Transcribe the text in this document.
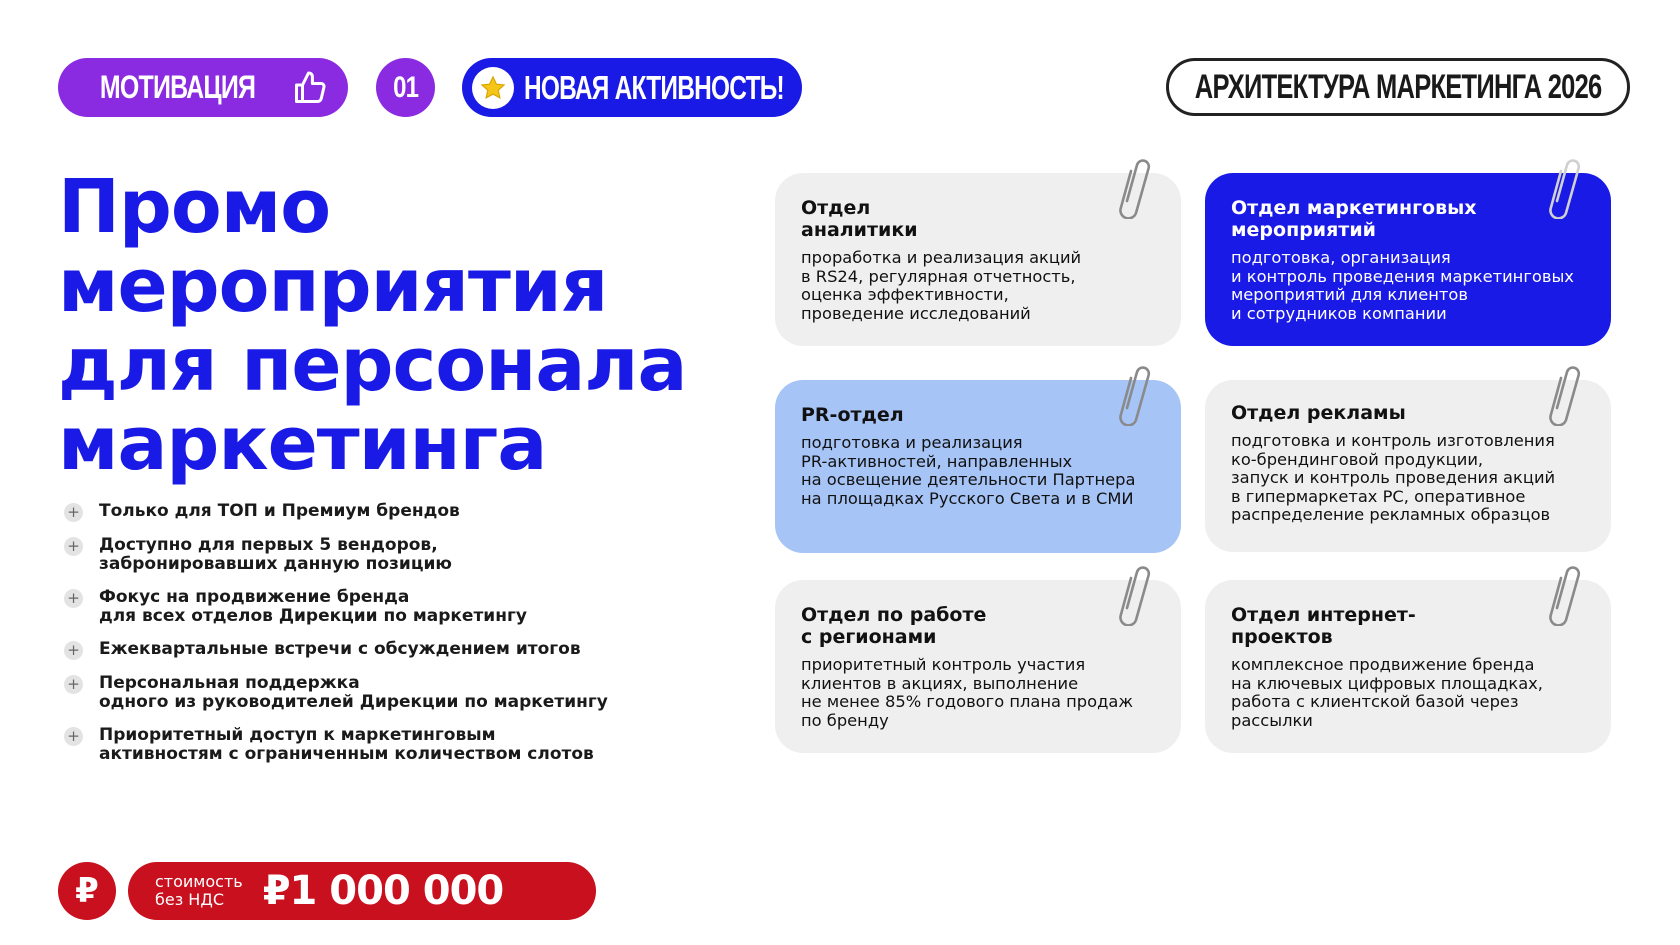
МОТИВАЦИЯ	01	НОВАЯ АКТИВНОСТЬ!	АРХИТЕКТУРА МАРКЕТИНГА 2026
Промо
мероприятия
для персонала
маркетинга
+ Только для ТОП и Премиум брендов
+ Доступно для первых 5 вендоров,
забронировавших данную позицию
+ Фокус на продвижение бренда
для всех отделов Дирекции по маркетингу
+ Ежеквартальные встречи с обсуждением итогов
+ Персональная поддержка
одного из руководителей Дирекции по маркетингу
+ Приоритетный доступ к маркетинговым
активностям с ограниченным количеством слотов
₽	стоимость
без НДС ₽1 000 000
Отдел
аналитики
проработка и реализация акций
в RS24, регулярная отчетность,
оценка эффективности,
проведение исследований
Отдел маркетинговых
мероприятий
подготовка, организация
и контроль проведения маркетинговых
мероприятий для клиентов
и сотрудников компании
PR-отдел
подготовка и реализация
PR-активностей, направленных
на освещение деятельности Партнера
на площадках Русского Света и в СМИ
Отдел рекламы
подготовка и контроль изготовления
ко-брендинговой продукции,
запуск и контроль проведения акций
в гипермаркетах РС, оперативное
распределение рекламных образцов
Отдел по работе
с регионами
приоритетный контроль участия
клиентов в акциях, выполнение
не менее 85% годового плана продаж
по бренду
Отдел интернет-
проектов
комплексное продвижение бренда
на ключевых цифровых площадках,
работа с клиентской базой через
рассылки
